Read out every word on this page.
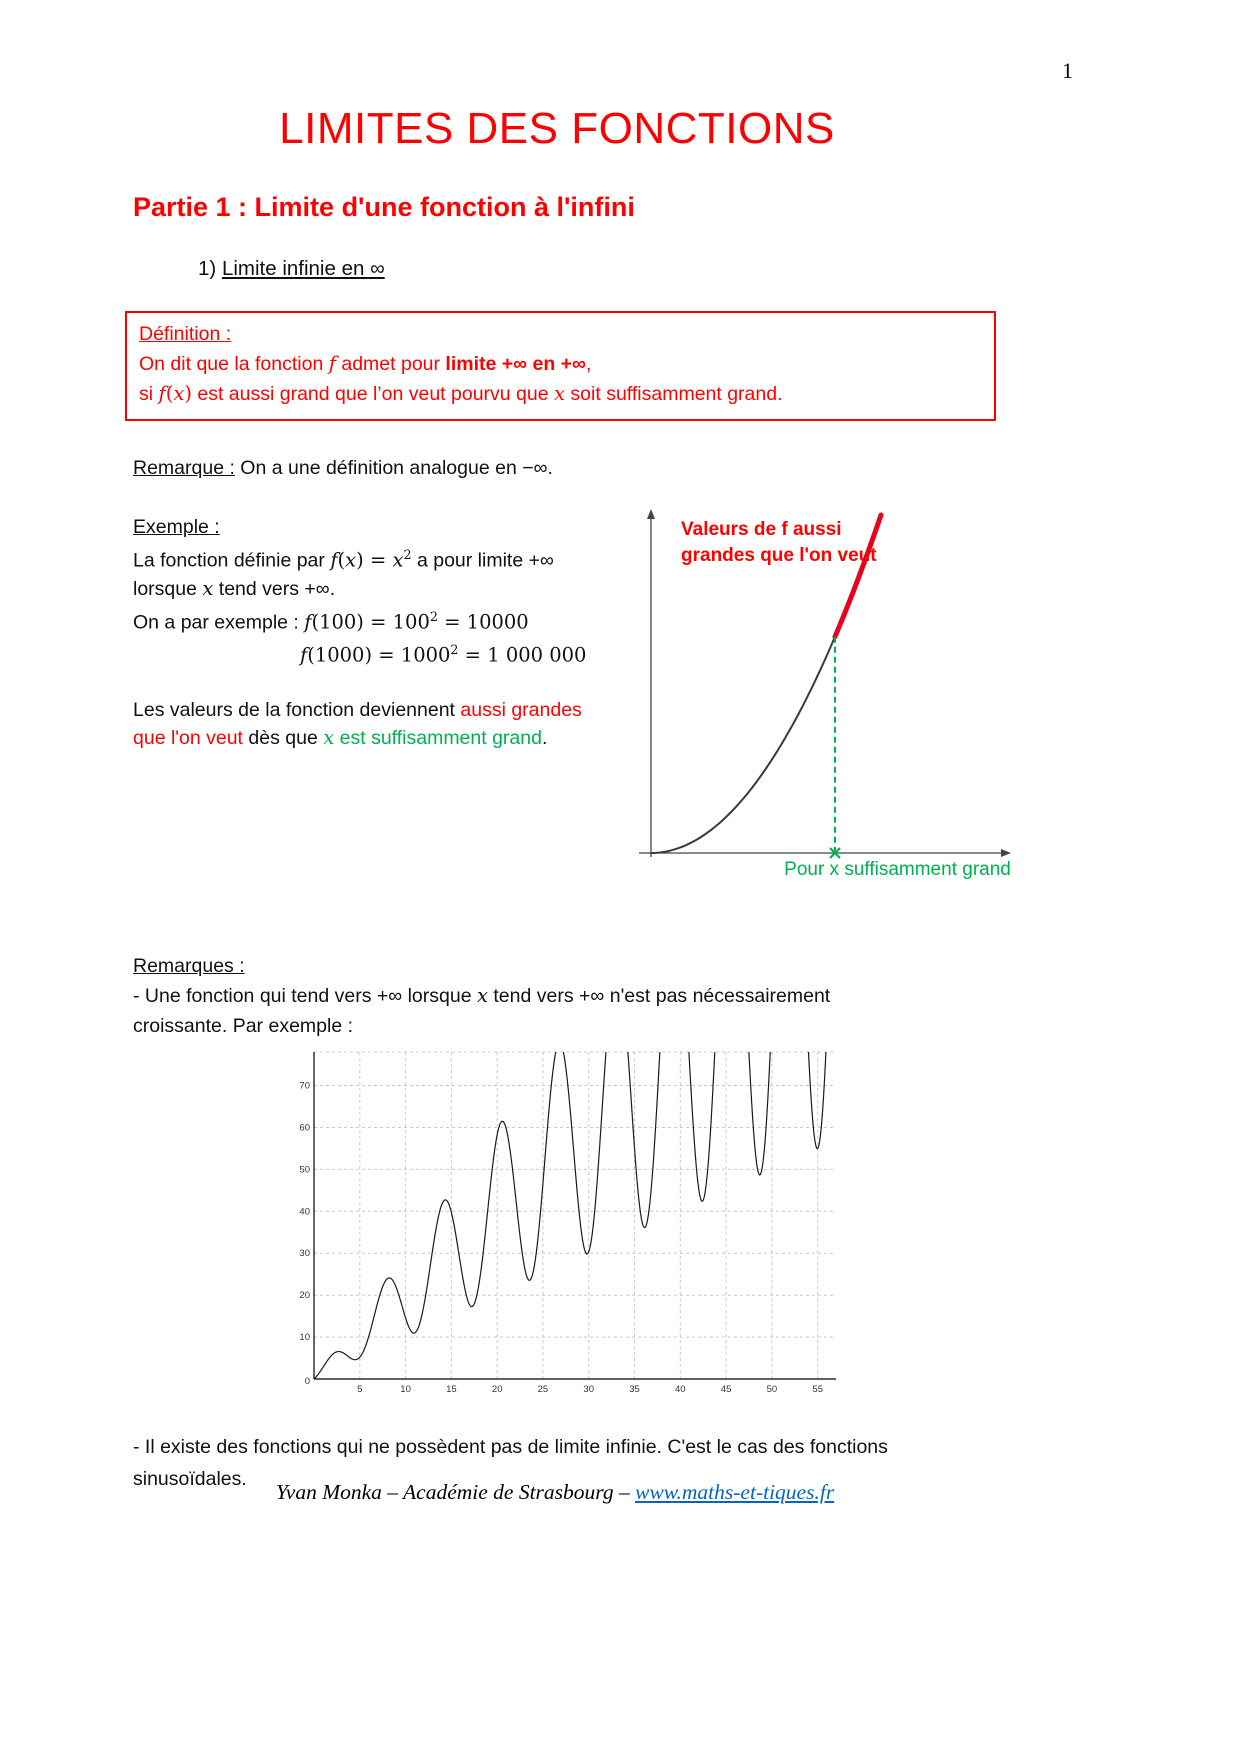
1
LIMITES DES FONCTIONS
Partie 1 : Limite d'une fonction à l'infini
1) Limite infinie en ∞
Définition :
On dit que la fonction f admet pour limite +∞ en +∞,
si f(x) est aussi grand que l’on veut pourvu que x soit suffisamment grand.
Remarque : On a une définition analogue en −∞.
Exemple :
La fonction définie par $f(x) = x^2$ a pour limite +∞
lorsque x tend vers +∞.
On a par exemple : $f(100) = 100^2 = 10000$
$f(1000) = 1000^2 = 1$ 000 000
Les valeurs de la fonction deviennent aussi grandes
que l'on veut dès que x est suffisamment grand.
Valeurs de f aussi
grandes que l'on veut
Pour x suffisamment grand
Remarques :
- Une fonction qui tend vers +∞ lorsque x tend vers +∞ n'est pas nécessairement
croissante. Par exemple :
10
20
30
40
50
60
70
5	10	15	20	25	30	35	40	45	50	55
0
- Il existe des fonctions qui ne possèdent pas de limite infinie. C'est le cas des fonctions
sinusoïdales.
Yvan Monka – Académie de Strasbourg – www.maths-et-tiques.fr
